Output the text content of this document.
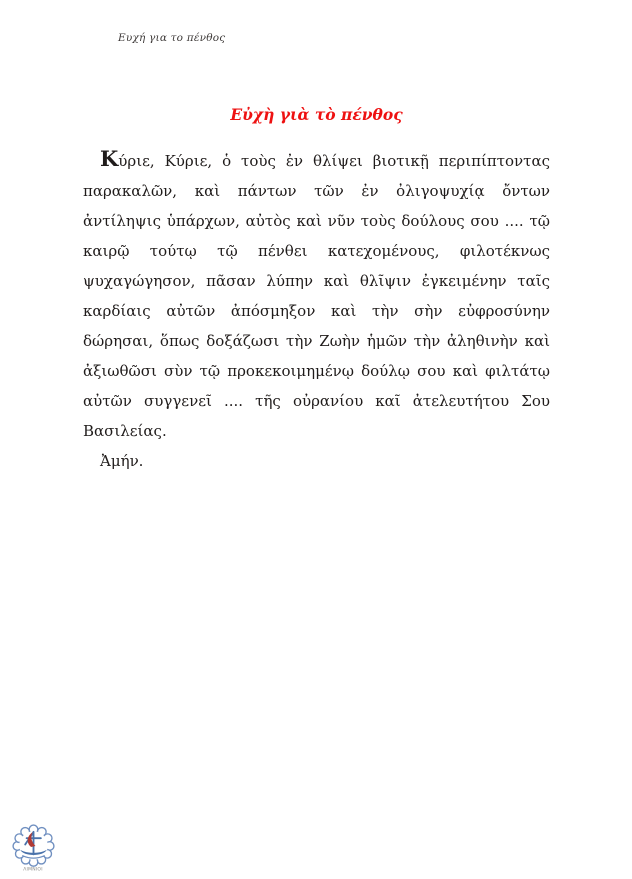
Ευχή για το πένθος
Εὐχὴ γιὰ τὸ πένθος

Κύριε, Κύριε, ὁ τοὺς ἐν θλίψει βιοτικῇ περιπίπτοντας παρακαλῶν, καὶ πάντων τῶν ἐν ὀλιγοψυχίᾳ ὄντων ἀντίληψις ὑπάρχων, αὐτὸς καὶ νῦν τοὺς δούλους σου .... τῷ καιρῷ τούτῳ τῷ πένθει κατεχομένους, φιλοτέκνως ψυχαγώγησον, πᾶσαν λύπην καὶ θλῖψιν ἐγκειμένην ταῖς καρδίαις αὐτῶν ἀπόσμηξον καὶ τὴν σὴν εὐφροσύνην δώρησαι, ὅπως δοξάζωσι τὴν Ζωὴν ἡμῶν τὴν ἀληθινὴν καὶ ἀξιωθῶσι σὺν τῷ προκεκοιμημένῳ δούλῳ σου καὶ φιλτάτῳ αὐτῶν συγγενεῖ .... τῆς οὐρανίου καῖ ἀτελευτήτου Σου Βασιλείας.

Ἀμήν.

ΛΙΜΝΙΟΙ
